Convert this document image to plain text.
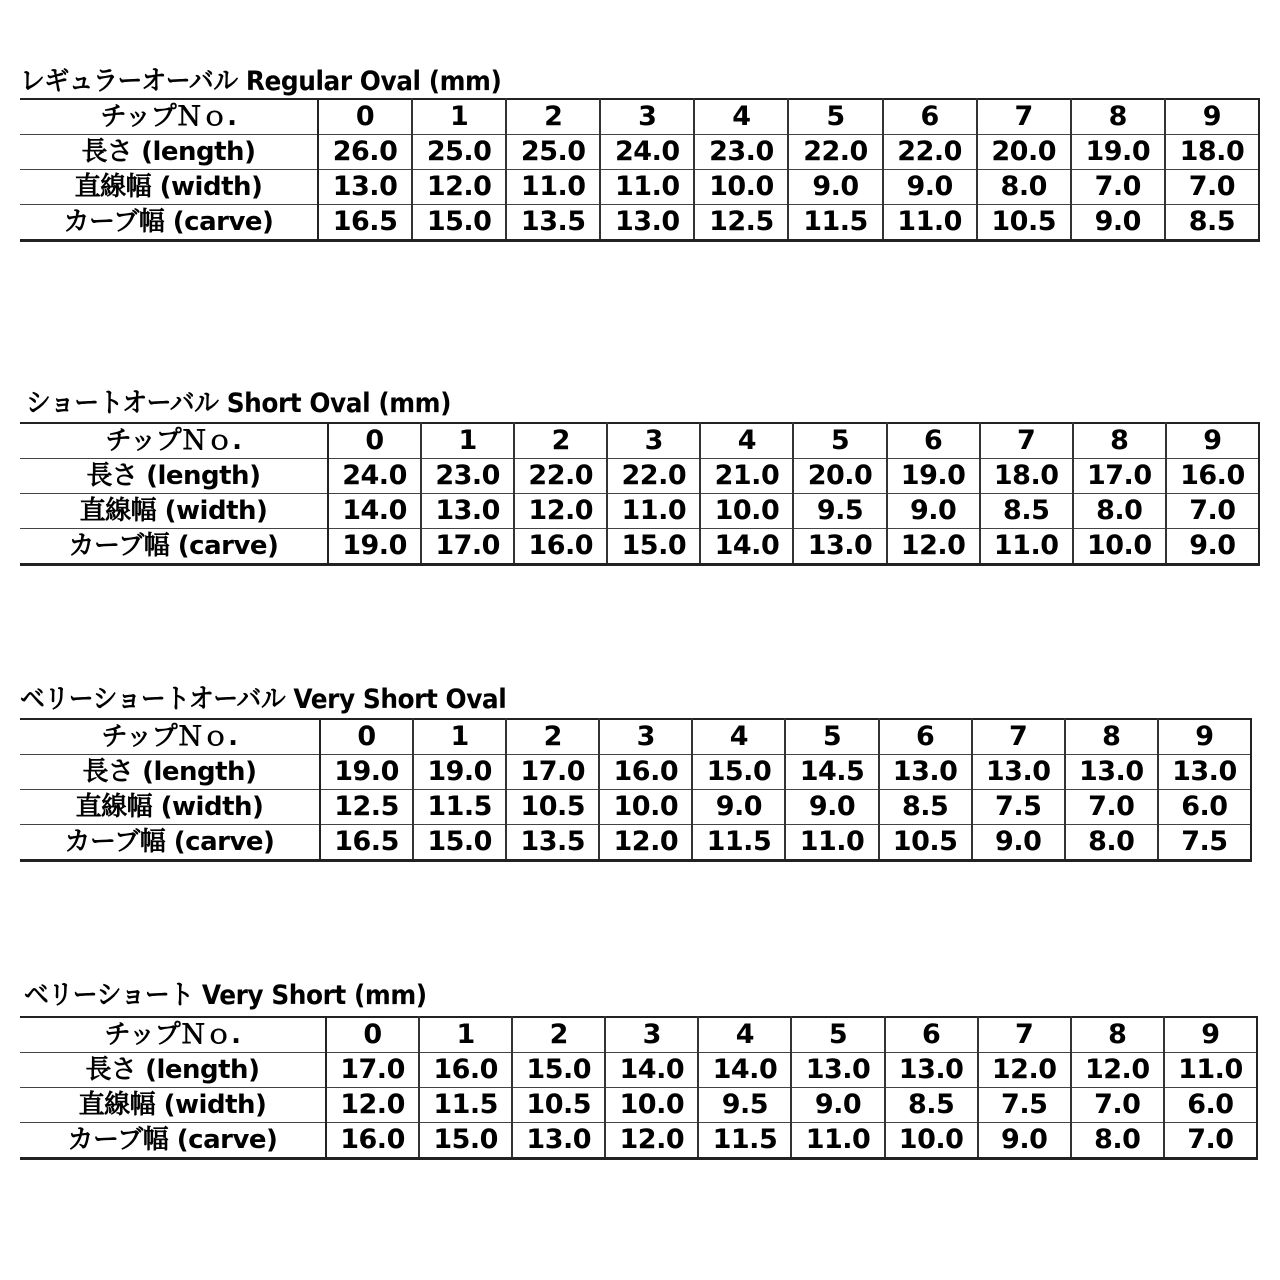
レギュラーオーバル Regular Oval (mm)
チップＮｏ.	0	1	2	3	4	5	6	7	8	9
長さ (length)	26.0	25.0	25.0	24.0	23.0	22.0	22.0	20.0	19.0	18.0
直線幅 (width)	13.0	12.0	11.0	11.0	10.0	9.0	9.0	8.0	7.0	7.0
カーブ幅 (carve)	16.5	15.0	13.5	13.0	12.5	11.5	11.0	10.5	9.0	8.5
ショートオーバル Short Oval (mm)
チップＮｏ.	0	1	2	3	4	5	6	7	8	9
長さ (length)	24.0	23.0	22.0	22.0	21.0	20.0	19.0	18.0	17.0	16.0
直線幅 (width)	14.0	13.0	12.0	11.0	10.0	9.5	9.0	8.5	8.0	7.0
カーブ幅 (carve)	19.0	17.0	16.0	15.0	14.0	13.0	12.0	11.0	10.0	9.0
ベリーショートオーバル Very Short Oval
チップＮｏ.	0	1	2	3	4	5	6	7	8	9
長さ (length)	19.0	19.0	17.0	16.0	15.0	14.5	13.0	13.0	13.0	13.0
直線幅 (width)	12.5	11.5	10.5	10.0	9.0	9.0	8.5	7.5	7.0	6.0
カーブ幅 (carve)	16.5	15.0	13.5	12.0	11.5	11.0	10.5	9.0	8.0	7.5
ベリーショート Very Short (mm)
チップＮｏ.	0	1	2	3	4	5	6	7	8	9
長さ (length)	17.0	16.0	15.0	14.0	14.0	13.0	13.0	12.0	12.0	11.0
直線幅 (width)	12.0	11.5	10.5	10.0	9.5	9.0	8.5	7.5	7.0	6.0
カーブ幅 (carve)	16.0	15.0	13.0	12.0	11.5	11.0	10.0	9.0	8.0	7.0
